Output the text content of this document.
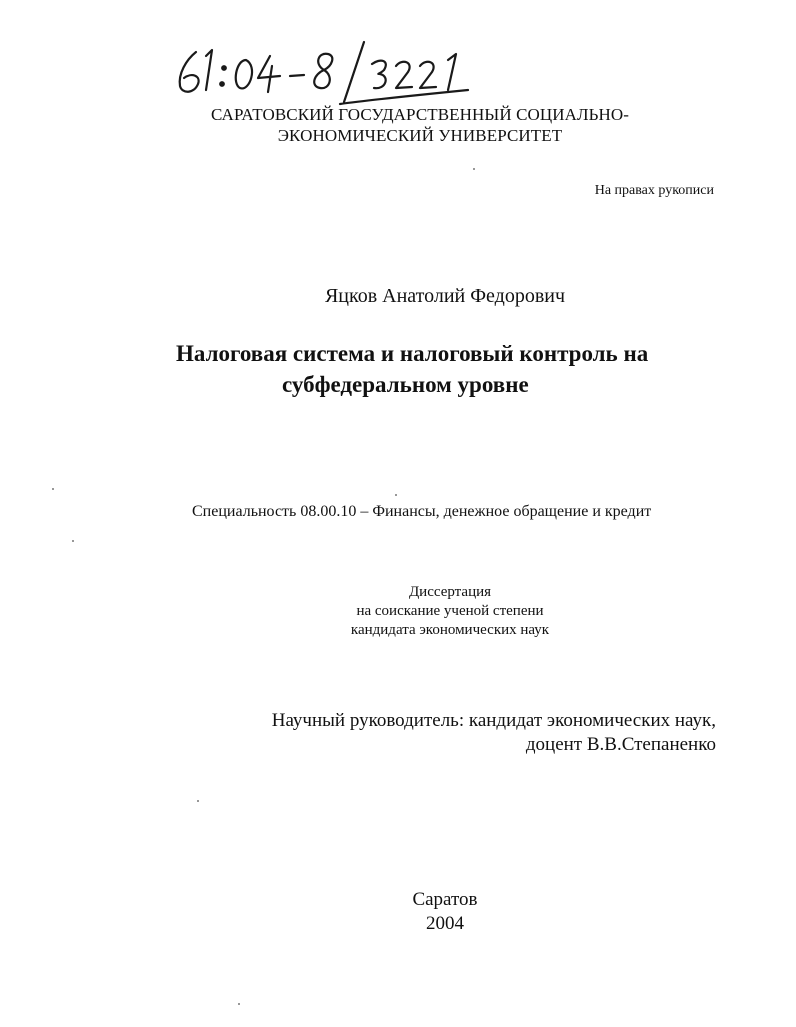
САРАТОВСКИЙ ГОСУДАРСТВЕННЫЙ СОЦИАЛЬНО-
ЭКОНОМИЧЕСКИЙ УНИВЕРСИТЕТ
На правах рукописи
Яцков Анатолий Федорович
Налоговая система и налоговый контроль на
субфедеральном уровне
Специальность 08.00.10 – Финансы, денежное обращение и кредит
Диссертация
на соискание ученой степени
кандидата экономических наук
Научный руководитель: кандидат экономических наук,
доцент В.В.Степаненко
Саратов
2004
